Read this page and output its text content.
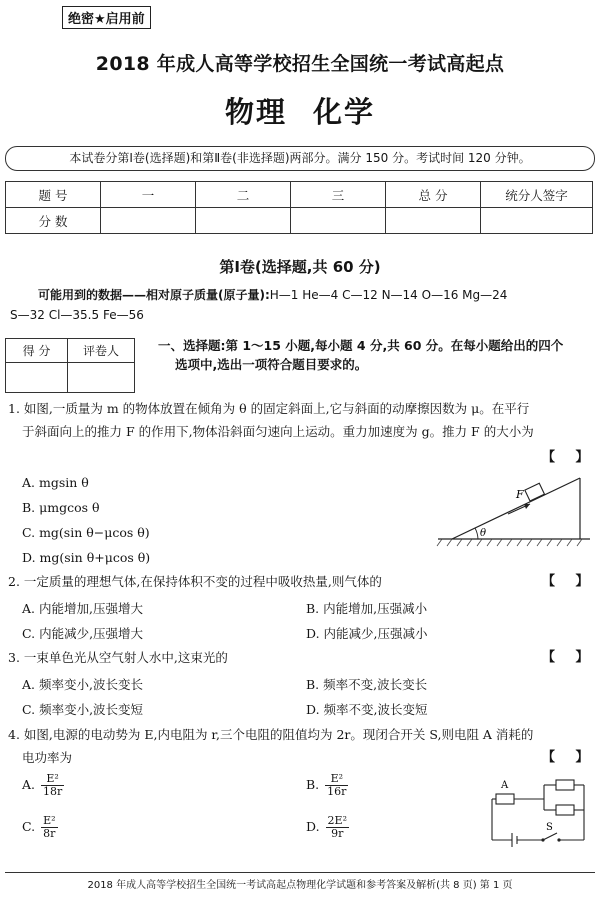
绝密★启用前
2018 年成人高等学校招生全国统一考试高起点
物理 化学
本试卷分第Ⅰ卷(选择题)和第Ⅱ卷(非选择题)两部分。满分 150 分。考试时间 120 分钟。
题 号	一	二	三	总 分	统分人签字
分 数					
第Ⅰ卷(选择题,共 60 分)
可能用到的数据——相对原子质量(原子量):H—1 He—4 C—12 N—14 O—16 Mg—24
S—32 Cl—35.5 Fe—56
得 分	评卷人
		一、选择题:第 1～15 小题,每小题 4 分,共 60 分。在每小题给出的四个
选项中,选出一项符合题目要求的。
1. 如图,一质量为 m 的物体放置在倾角为 θ 的固定斜面上,它与斜面的动摩擦因数为 μ。在平行
于斜面向上的推力 F 的作用下,物体沿斜面匀速向上运动。重力加速度为 g。推力 F 的大小为
【 】
A. mgsin θ
B. μmgcos θ
C. mg(sin θ−μcos θ)
D. mg(sin θ+μcos θ)
F
θ
2. 一定质量的理想气体,在保持体积不变的过程中吸收热量,则气体的	【 】
A. 内能增加,压强增大	B. 内能增加,压强减小
C. 内能减少,压强增大	D. 内能减少,压强减小
3. 一束单色光从空气射人水中,这束光的	【 】
A. 频率变小,波长变长	B. 频率不变,波长变长
C. 频率变小,波长变短	D. 频率不变,波长变短
4. 如图,电源的电动势为 E,内电阻为 r,三个电阻的阻值均为 2r。现闭合开关 S,则电阻 A 消耗的
电功率为	【 】
A. $\frac{\text{E²}}{18r}$	B. $\frac{\text{E²}}{16r}$
C. $\frac{\text{E²}}{8r}$	D. $\frac{\text{2E²}}{9r}$
A
S
2018 年成人高等学校招生全国统一考试高起点物理化学试题和参考答案及解析(共 8 页) 第 1 页
